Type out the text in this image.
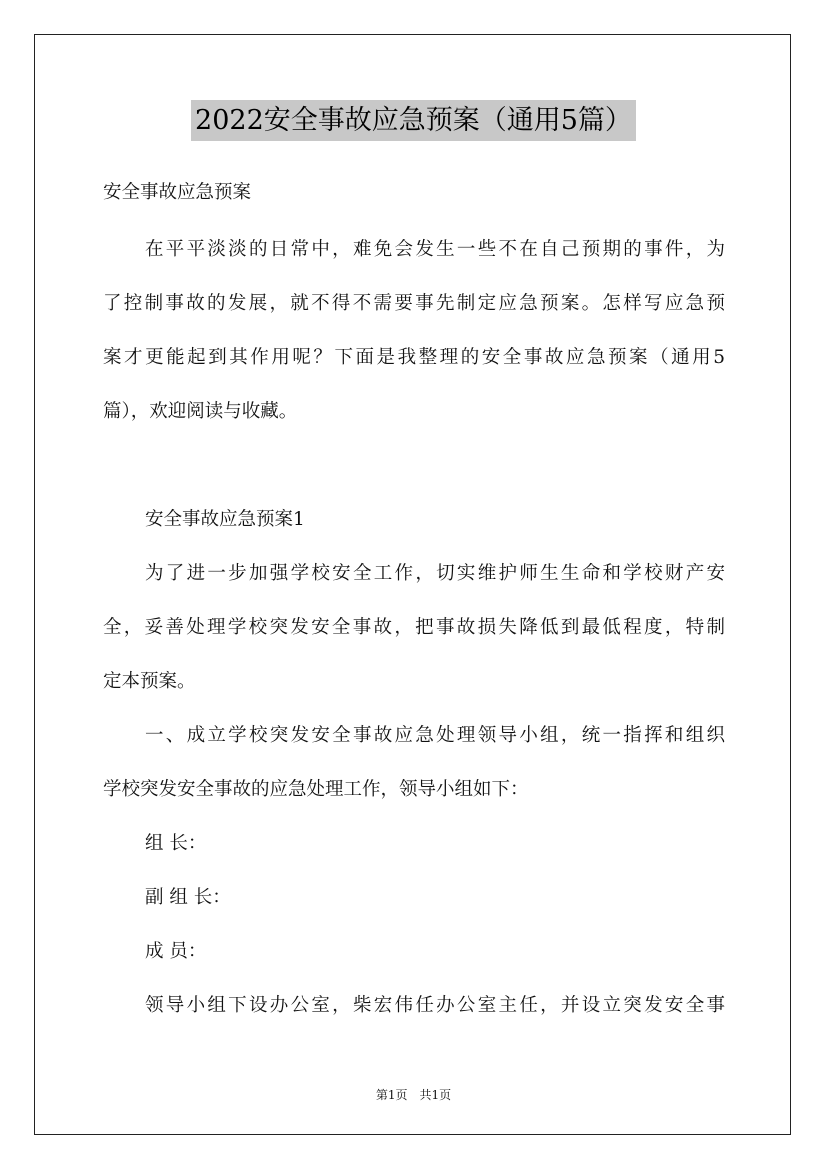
2022安全事故应急预案（通用5篇）
安全事故应急预案
在平平淡淡的日常中，难免会发生一些不在自己预期的事件，为
了控制事故的发展，就不得不需要事先制定应急预案。怎样写应急预
案才更能起到其作用呢？下面是我整理的安全事故应急预案（通用5
篇），欢迎阅读与收藏。
安全事故应急预案1
为了进一步加强学校安全工作，切实维护师生生命和学校财产安
全，妥善处理学校突发安全事故，把事故损失降低到最低程度，特制
定本预案。
一、成立学校突发安全事故应急处理领导小组，统一指挥和组织
学校突发安全事故的应急处理工作，领导小组如下：
组 长：
副 组 长：
成 员：
领导小组下设办公室，柴宏伟任办公室主任，并设立突发安全事
第1页　共1页
